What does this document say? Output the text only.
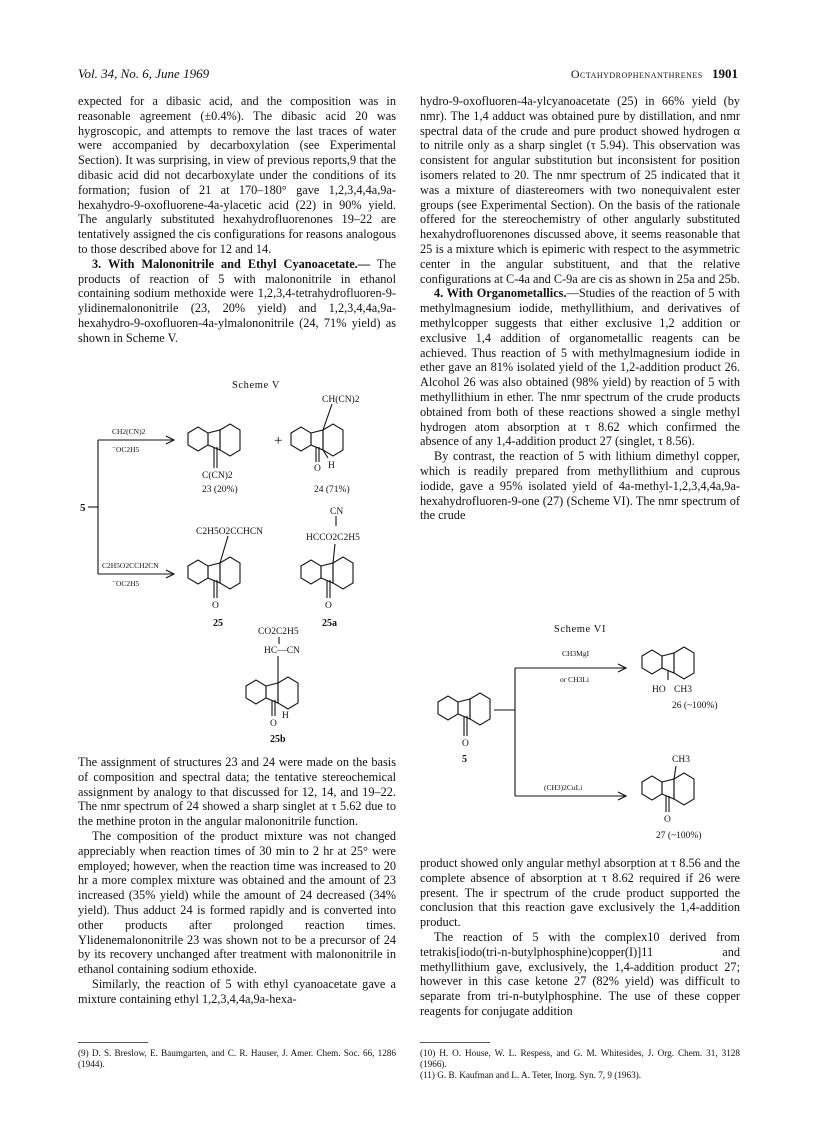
Vol. 34, No. 6, June 1969	Octahydrophenanthrenes 1901

expected for a dibasic acid, and the composition was in reasonable agreement (±0.4%). The dibasic acid 20 was hygroscopic, and attempts to remove the last traces of water were accompanied by decarboxylation (see Experimental Section). It was surprising, in view of previous reports,9 that the dibasic acid did not decarboxylate under the conditions of its formation; fusion of 21 at 170–180° gave 1,2,3,4,4a,9a-hexahydro-9-oxofluorene-4a-ylacetic acid (22) in 90% yield. The angularly substituted hexahydrofluorenones 19–22 are tentatively assigned the cis configurations for reasons analogous to those described above for 12 and 14.

3. With Malononitrile and Ethyl Cyanoacetate.— The products of reaction of 5 with malononitrile in ethanol containing sodium methoxide were 1,2,3,4-tetrahydrofluoren-9-ylidinemalononitrile (23, 20% yield) and 1,2,3,4,4a,9a-hexahydro-9-oxofluoren-4a-ylmalononitrile (24, 71% yield) as shown in Scheme V.

Scheme V
5
CH2(CN)2
⁻OC2H5
C2H5O2CCH2CN
⁻OC2H5
+
C(CN)2
23 (20%)
CH(CN)2
O H
24 (71%)
C2H5O2CCHCN
O
25
CN
HCCO2C2H5
O
25a
CO2C2H5
HC—CN
O
H
25b

The assignment of structures 23 and 24 were made on the basis of composition and spectral data; the tentative stereochemical assignment by analogy to that discussed for 12, 14, and 19–22. The nmr spectrum of 24 showed a sharp singlet at τ 5.62 due to the methine proton in the angular malononitrile function.

The composition of the product mixture was not changed appreciably when reaction times of 30 min to 2 hr at 25° were employed; however, when the reaction time was increased to 20 hr a more complex mixture was obtained and the amount of 23 increased (35% yield) while the amount of 24 decreased (34% yield). Thus adduct 24 is formed rapidly and is converted into other products after prolonged reaction times. Ylidenemalononitrile 23 was shown not to be a precursor of 24 by its recovery unchanged after treatment with malononitrile in ethanol containing sodium ethoxide.

Similarly, the reaction of 5 with ethyl cyanoacetate gave a mixture containing ethyl 1,2,3,4,4a,9a-hexa-

(9) D. S. Breslow, E. Baumgarten, and C. R. Hauser, J. Amer. Chem. Soc. 66, 1286 (1944).

hydro-9-oxofluoren-4a-ylcyanoacetate (25) in 66% yield (by nmr). The 1,4 adduct was obtained pure by distillation, and nmr spectral data of the crude and pure product showed hydrogen α to nitrile only as a sharp singlet (τ 5.94). This observation was consistent for angular substitution but inconsistent for position isomers related to 20. The nmr spectrum of 25 indicated that it was a mixture of diastereomers with two nonequivalent ester groups (see Experimental Section). On the basis of the rationale offered for the stereochemistry of other angularly substituted hexahydrofluorenones discussed above, it seems reasonable that 25 is a mixture which is epimeric with respect to the asymmetric center in the angular substituent, and that the relative configurations at C-4a and C-9a are cis as shown in 25a and 25b.

4. With Organometallics.—Studies of the reaction of 5 with methylmagnesium iodide, methyllithium, and derivatives of methylcopper suggests that either exclusive 1,2 addition or exclusive 1,4 addition of organometallic reagents can be achieved. Thus reaction of 5 with methylmagnesium iodide in ether gave an 81% isolated yield of the 1,2-addition product 26. Alcohol 26 was also obtained (98% yield) by reaction of 5 with methyllithium in ether. The nmr spectrum of the crude products obtained from both of these reactions showed a single methyl hydrogen atom absorption at τ 8.62 which confirmed the absence of any 1,4-addition product 27 (singlet, τ 8.56).

By contrast, the reaction of 5 with lithium dimethyl copper, which is readily prepared from methyllithium and cuprous iodide, gave a 95% isolated yield of 4a-methyl-1,2,3,4,4a,9a-hexahydrofluoren-9-one (27) (Scheme VI). The nmr spectrum of the crude

Scheme VI
CH3MgI
or CH3Li
(CH3)2CuLi
O
5
HO CH3
26 (~100%)
CH3
O
27 (~100%)

product showed only angular methyl absorption at τ 8.56 and the complete absence of absorption at τ 8.62 required if 26 were present. The ir spectrum of the crude product supported the conclusion that this reaction gave exclusively the 1,4-addition product.

The reaction of 5 with the complex10 derived from tetrakis[iodo(tri-n-butylphosphine)copper(I)]11 and methyllithium gave, exclusively, the 1,4-addition product 27; however in this case ketone 27 (82% yield) was difficult to separate from tri-n-butylphosphine. The use of these copper reagents for conjugate addition

(10) H. O. House, W. L. Respess, and G. M. Whitesides, J. Org. Chem. 31, 3128 (1966).
(11) G. B. Kaufman and L. A. Teter, Inorg. Syn. 7, 9 (1963).
